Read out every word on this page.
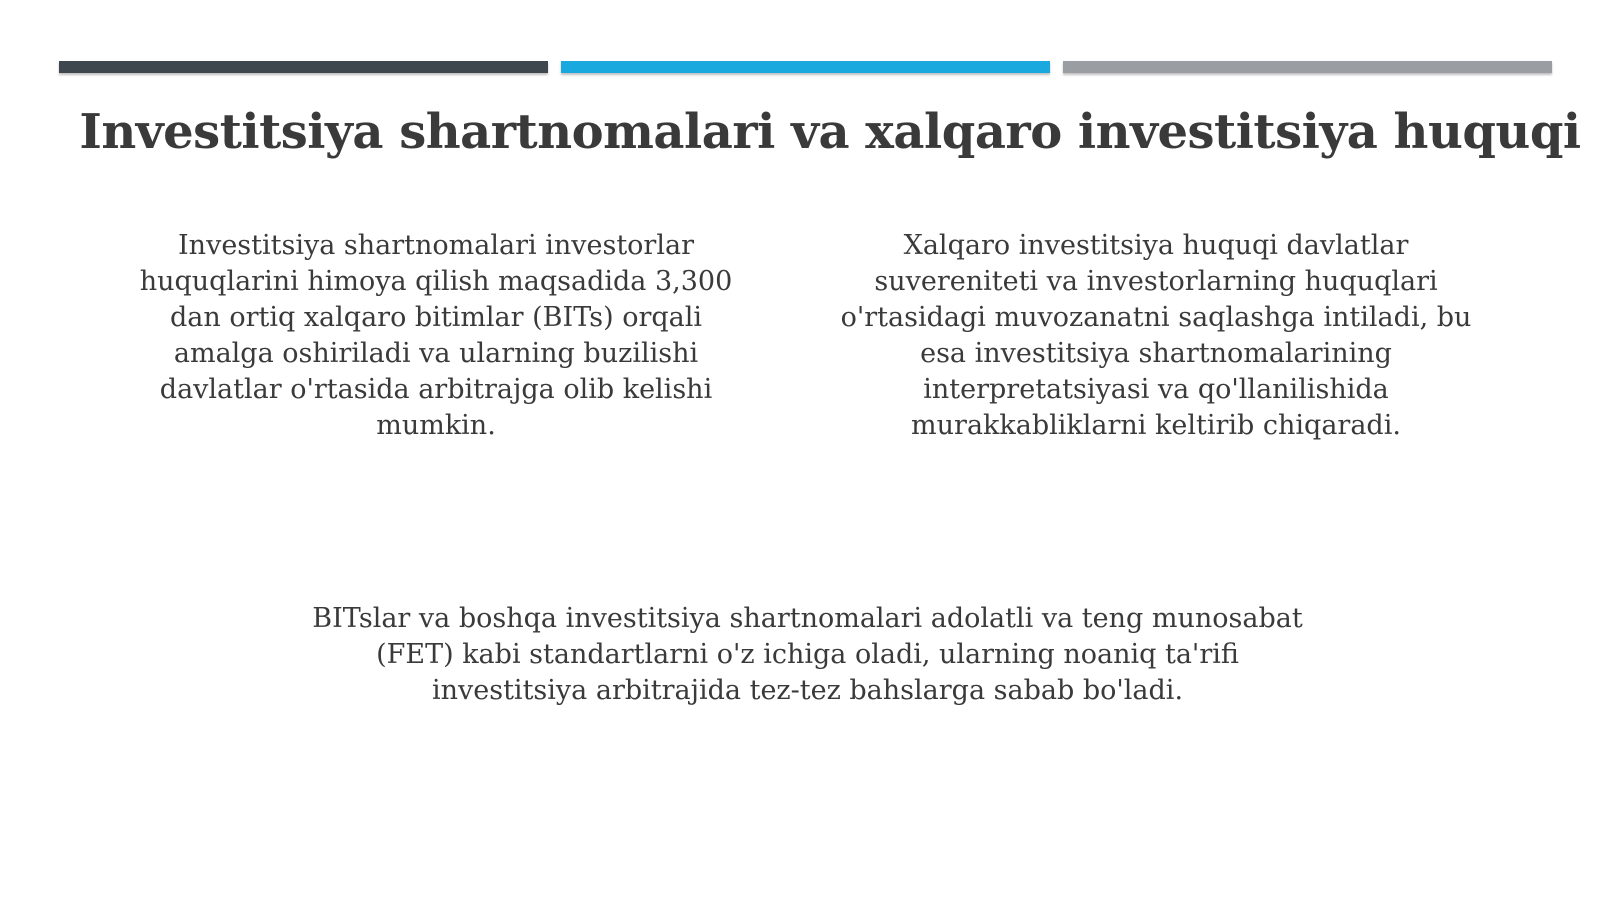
Investitsiya shartnomalari va xalqaro investitsiya huquqi

Investitsiya shartnomalari investorlar huquqlarini himoya qilish maqsadida 3,300 dan ortiq xalqaro bitimlar (BITs) orqali amalga oshiriladi va ularning buzilishi davlatlar o'rtasida arbitrajga olib kelishi mumkin.

Xalqaro investitsiya huquqi davlatlar suvereniteti va investorlarning huquqlari o'rtasidagi muvozanatni saqlashga intiladi, bu esa investitsiya shartnomalarining interpretatsiyasi va qo'llanilishida murakkabliklarni keltirib chiqaradi.

BITslar va boshqa investitsiya shartnomalari adolatli va teng munosabat (FET) kabi standartlarni o'z ichiga oladi, ularning noaniq ta'rifi investitsiya arbitrajida tez-tez bahslarga sabab bo'ladi.
